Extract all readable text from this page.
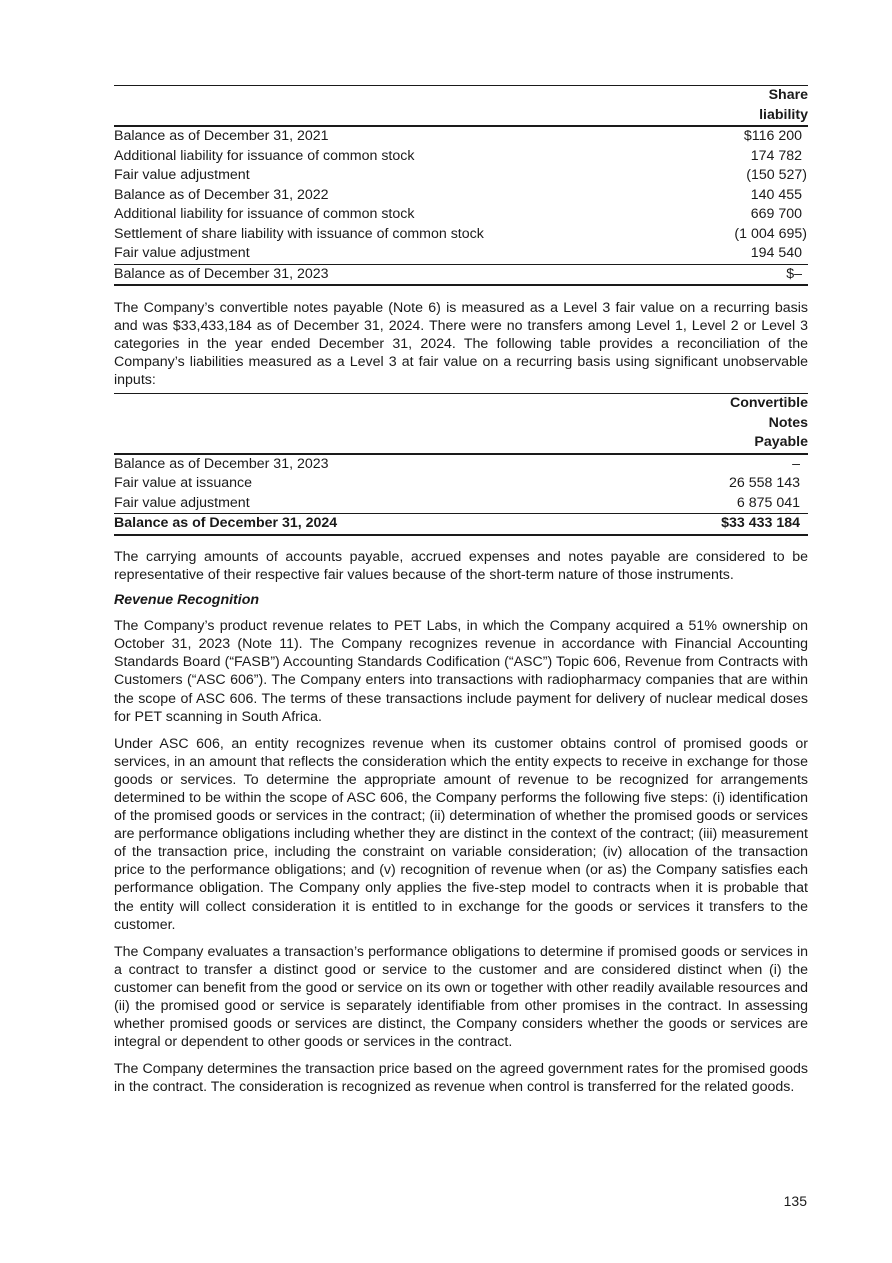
	Share
liability
Balance as of December 31, 2021	$116 200
Additional liability for issuance of common stock	174 782
Fair value adjustment	(150 527)
Balance as of December 31, 2022	140 455
Additional liability for issuance of common stock	669 700
Settlement of share liability with issuance of common stock	(1 004 695)
Fair value adjustment	194 540
Balance as of December 31, 2023	$–

The Company’s convertible notes payable (Note 6) is measured as a Level 3 fair value on a recurring basis and was $33,433,184 as of December 31, 2024. There were no transfers among Level 1, Level 2 or Level 3 categories in the year ended December 31, 2024. The following table provides a reconciliation of the Company’s liabilities measured as a Level 3 at fair value on a recurring basis using significant unobservable inputs:

	Convertible
Notes
Payable
Balance as of December 31, 2023	–
Fair value at issuance	26 558 143
Fair value adjustment	6 875 041
Balance as of December 31, 2024	$33 433 184

The carrying amounts of accounts payable, accrued expenses and notes payable are considered to be representative of their respective fair values because of the short-term nature of those instruments.

Revenue Recognition

The Company’s product revenue relates to PET Labs, in which the Company acquired a 51% ownership on October 31, 2023 (Note 11). The Company recognizes revenue in accordance with Financial Accounting Standards Board (“FASB”) Accounting Standards Codification (“ASC”) Topic 606, Revenue from Contracts with Customers (“ASC 606”). The Company enters into transactions with radiopharmacy companies that are within the scope of ASC 606. The terms of these transactions include payment for delivery of nuclear medical doses for PET scanning in South Africa.

Under ASC 606, an entity recognizes revenue when its customer obtains control of promised goods or services, in an amount that reflects the consideration which the entity expects to receive in exchange for those goods or services. To determine the appropriate amount of revenue to be recognized for arrangements determined to be within the scope of ASC 606, the Company performs the following five steps: (i) identification of the promised goods or services in the contract; (ii) determination of whether the promised goods or services are performance obligations including whether they are distinct in the context of the contract; (iii) measurement of the transaction price, including the constraint on variable consideration; (iv) allocation of the transaction price to the performance obligations; and (v) recognition of revenue when (or as) the Company satisfies each performance obligation. The Company only applies the five-step model to contracts when it is probable that the entity will collect consideration it is entitled to in exchange for the goods or services it transfers to the customer.

The Company evaluates a transaction’s performance obligations to determine if promised goods or services in a contract to transfer a distinct good or service to the customer and are considered distinct when (i) the customer can benefit from the good or service on its own or together with other readily available resources and (ii) the promised good or service is separately identifiable from other promises in the contract. In assessing whether promised goods or services are distinct, the Company considers whether the goods or services are integral or dependent to other goods or services in the contract.

The Company determines the transaction price based on the agreed government rates for the promised goods in the contract. The consideration is recognized as revenue when control is transferred for the related goods.

135
